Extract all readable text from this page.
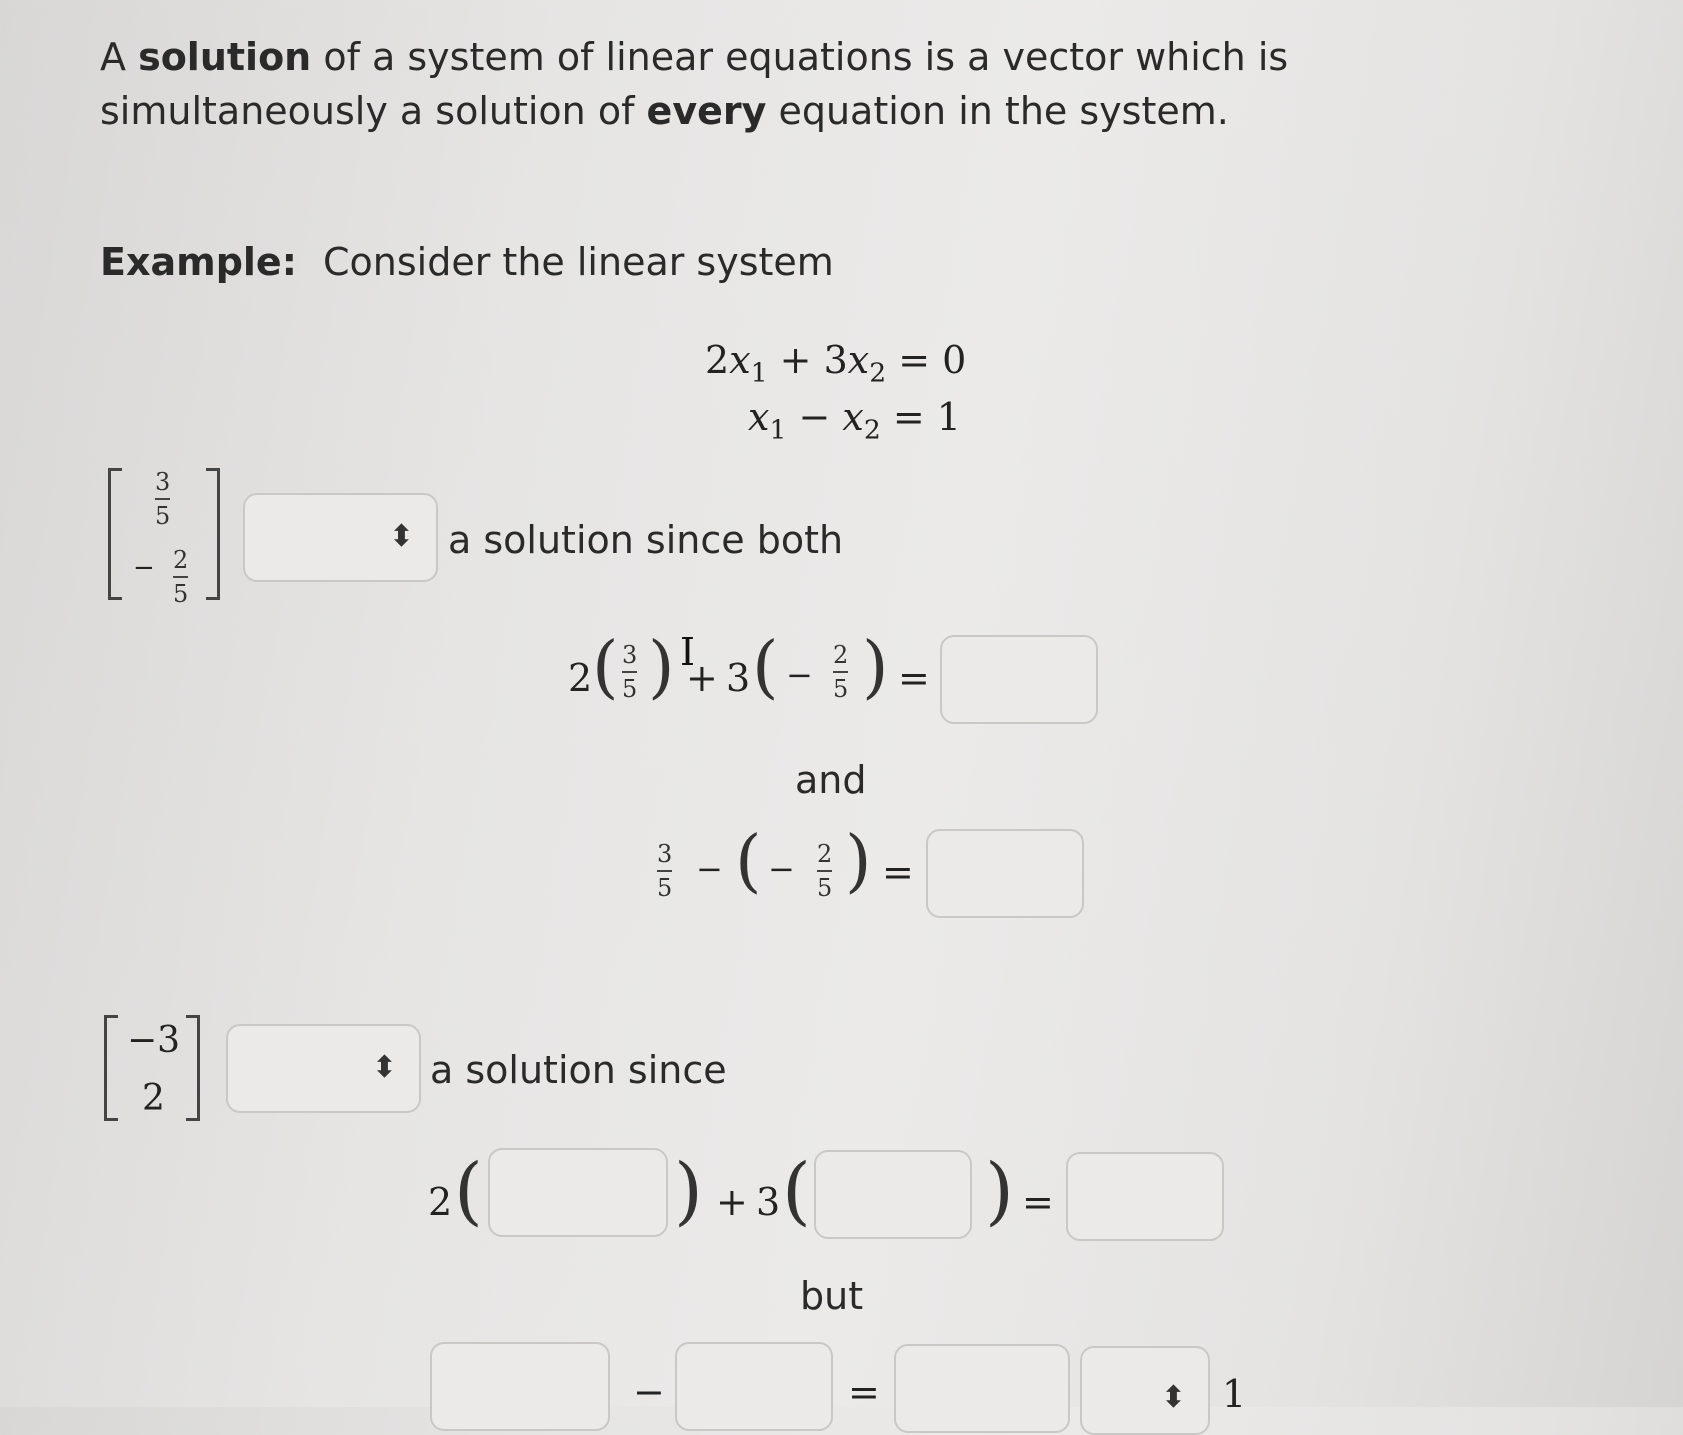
A solution of a system of linear equations is a vector which is simultaneously a solution of every equation in the system.
Example: Consider the linear system
$2x_1 + 3x_2 = 0$
$x_1 - x_2 = 1$
3
5
− 2
5
⬍ a solution since both
2 ( 3
5 ) + 3 ( −
2
5 ) =
I
and
3
5 − ( − 2
5 ) =
−3
2
⬍ a solution since
2 (	) + 3 ( ) =
but
−	=	⬍ 1
